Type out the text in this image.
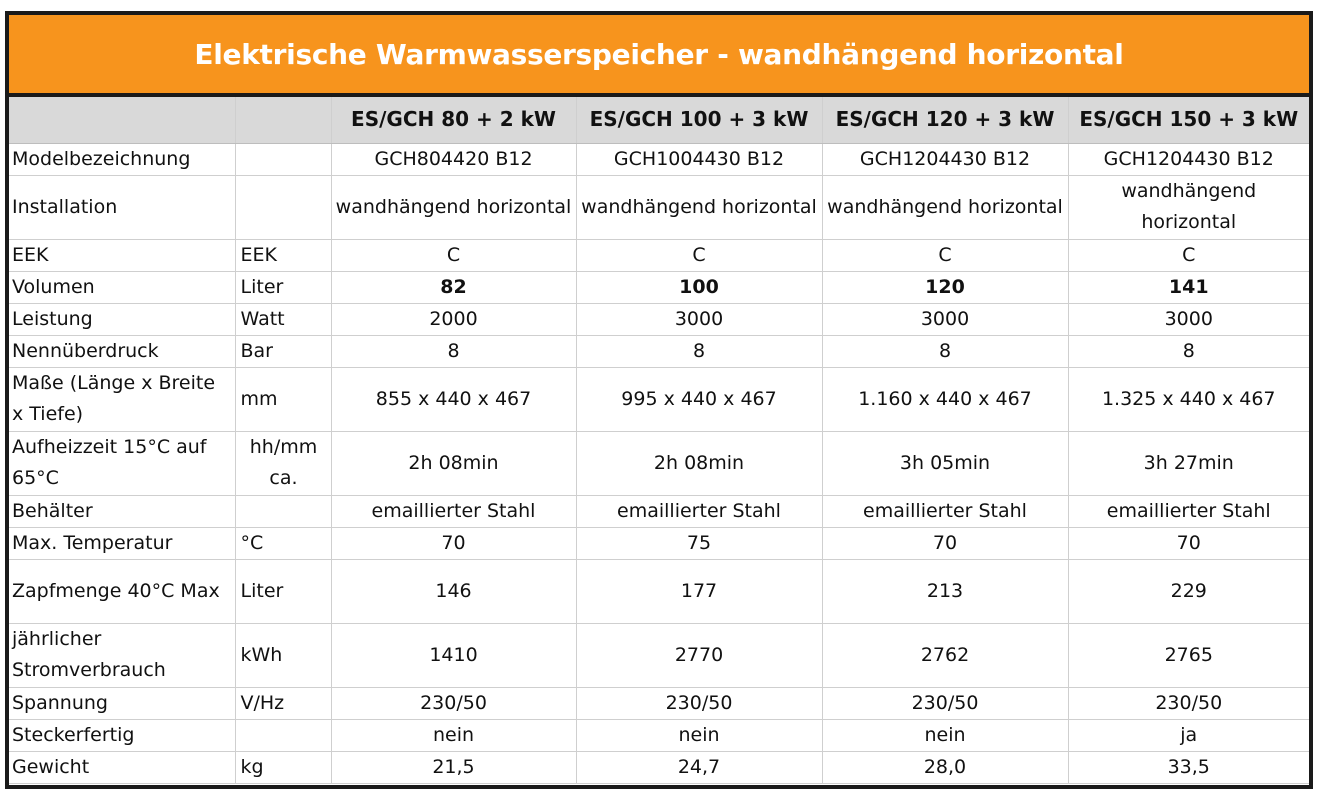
Elektrische Warmwasserspeicher - wandhängend horizontal
		ES/GCH 80 + 2 kW	ES/GCH 100 + 3 kW	ES/GCH 120 + 3 kW	ES/GCH 150 + 3 kW
Modelbezeichnung		GCH804420 B12	GCH1004430 B12	GCH1204430 B12	GCH1204430 B12
Installation		wandhängend horizontal	wandhängend horizontal	wandhängend horizontal	wandhängend horizontal
EEK	EEK	C	C	C	C
Volumen	Liter	82	100	120	141
Leistung	Watt	2000	3000	3000	3000
Nennüberdruck	Bar	8	8	8	8
Maße (Länge x Breite x Tiefe)	mm	855 x 440 x 467	995 x 440 x 467	1.160 x 440 x 467	1.325 x 440 x 467
Aufheizzeit 15°C auf 65°C	hh/mm ca.	2h 08min	2h 08min	3h 05min	3h 27min
Behälter		emaillierter Stahl	emaillierter Stahl	emaillierter Stahl	emaillierter Stahl
Max. Temperatur	°C	70	75	70	70
Zapfmenge 40°C Max	Liter	146	177	213	229
jährlicher Stromverbrauch	kWh	1410	2770	2762	2765
Spannung	V/Hz	230/50	230/50	230/50	230/50
Steckerfertig		nein	nein	nein	ja
Gewicht	kg	21,5	24,7	28,0	33,5
